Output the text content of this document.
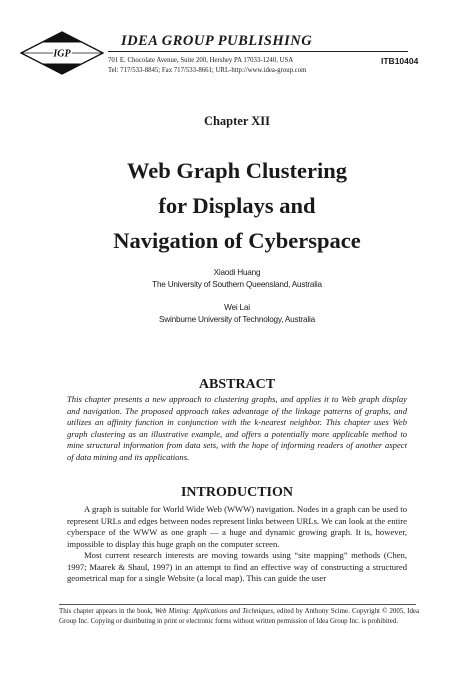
IGP
IDEA GROUP PUBLISHING
701 E. Chocolate Avenue, Suite 200, Hershey PA 17033-1240, USA
Tel: 717/533-8845; Fax 717/533-8661; URL-http://www.idea-group.com
ITB10404
Chapter XII
Web Graph Clustering
for Displays and
Navigation of Cyberspace
Xiaodi Huang
The University of Southern Queensland, Australia
Wei Lai
Swinburne University of Technology, Australia
ABSTRACT
This chapter presents a new approach to clustering graphs, and applies it to Web graph display and navigation. The proposed approach takes advantage of the linkage patterns of graphs, and utilizes an affinity function in conjunction with the k-nearest neighbor. This chapter uses Web graph clustering as an illustrative example, and offers a potentially more applicable method to mine structural information from data sets, with the hope of informing readers of another aspect of data mining and its applications.
INTRODUCTION

A graph is suitable for World Wide Web (WWW) navigation. Nodes in a graph can be used to represent URLs and edges between nodes represent links between URLs. We can look at the entire cyberspace of the WWW as one graph — a huge and dynamic growing graph. It is, however, impossible to display this huge graph on the computer screen.

Most current research interests are moving towards using “site mapping” methods (Chen, 1997; Maarek & Shaul, 1997) in an attempt to find an effective way of constructing a structured geometrical map for a single Website (a local map). This can guide the user

This chapter appears in the book, Web Mining: Applications and Techniques, edited by Anthony Scime. Copyright © 2005, Idea Group Inc. Copying or distributing in print or electronic forms without written permission of Idea Group Inc. is prohibited.
